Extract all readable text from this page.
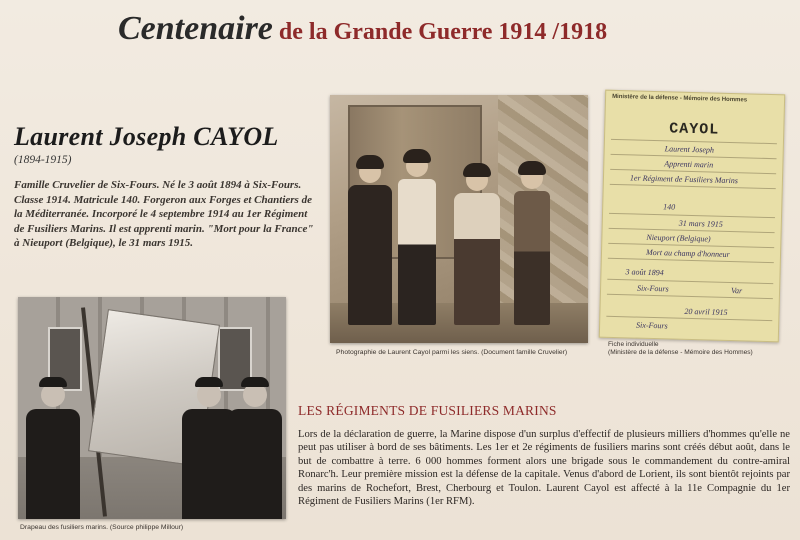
Centenaire de la Grande Guerre 1914 /1918
Laurent Joseph CAYOL
(1894-1915)
Famille Cruvelier de Six-Fours. Né le 3 août 1894 à Six-Fours. Classe 1914. Matricule 140. Forgeron aux Forges et Chantiers de la Méditerranée. Incorporé le 4 septembre 1914 au 1er Régiment de Fusiliers Marins. Il est apprenti marin. "Mort pour la France" à Nieuport (Belgique), le 31 mars 1915.
Photographie de Laurent Cayol parmi les siens. (Document famille Cruvelier)
Ministère de la défense - Mémoire des Hommes
CAYOL
Laurent Joseph
Apprenti marin
1er Régiment de Fusiliers Marins
140
31 mars 1915
Nieuport (Belgique)
Mort au champ d'honneur
3 août 1894
Six-Fours	Var
20 avril 1915
Six-Fours
Fiche individuelle
(Ministère de la défense - Mémoire des Hommes)
Drapeau des fusiliers marins. (Source philippe Millour)
LES RÉGIMENTS DE FUSILIERS MARINS
Lors de la déclaration de guerre, la Marine dispose d'un surplus d'effectif de plusieurs milliers d'hommes qu'elle ne peut pas utiliser à bord de ses bâtiments. Les 1er et 2e régiments de fusiliers marins sont créés début août, dans le but de combattre à terre. 6 000 hommes forment alors une brigade sous le commandement du contre-amiral Ronarc'h. Leur première mission est la défense de la capitale. Venus d'abord de Lorient, ils sont bientôt rejoints par des marins de Rochefort, Brest, Cherbourg et Toulon. Laurent Cayol est affecté à la 11e Compagnie du 1er Régiment de Fusiliers Marins (1er RFM).
